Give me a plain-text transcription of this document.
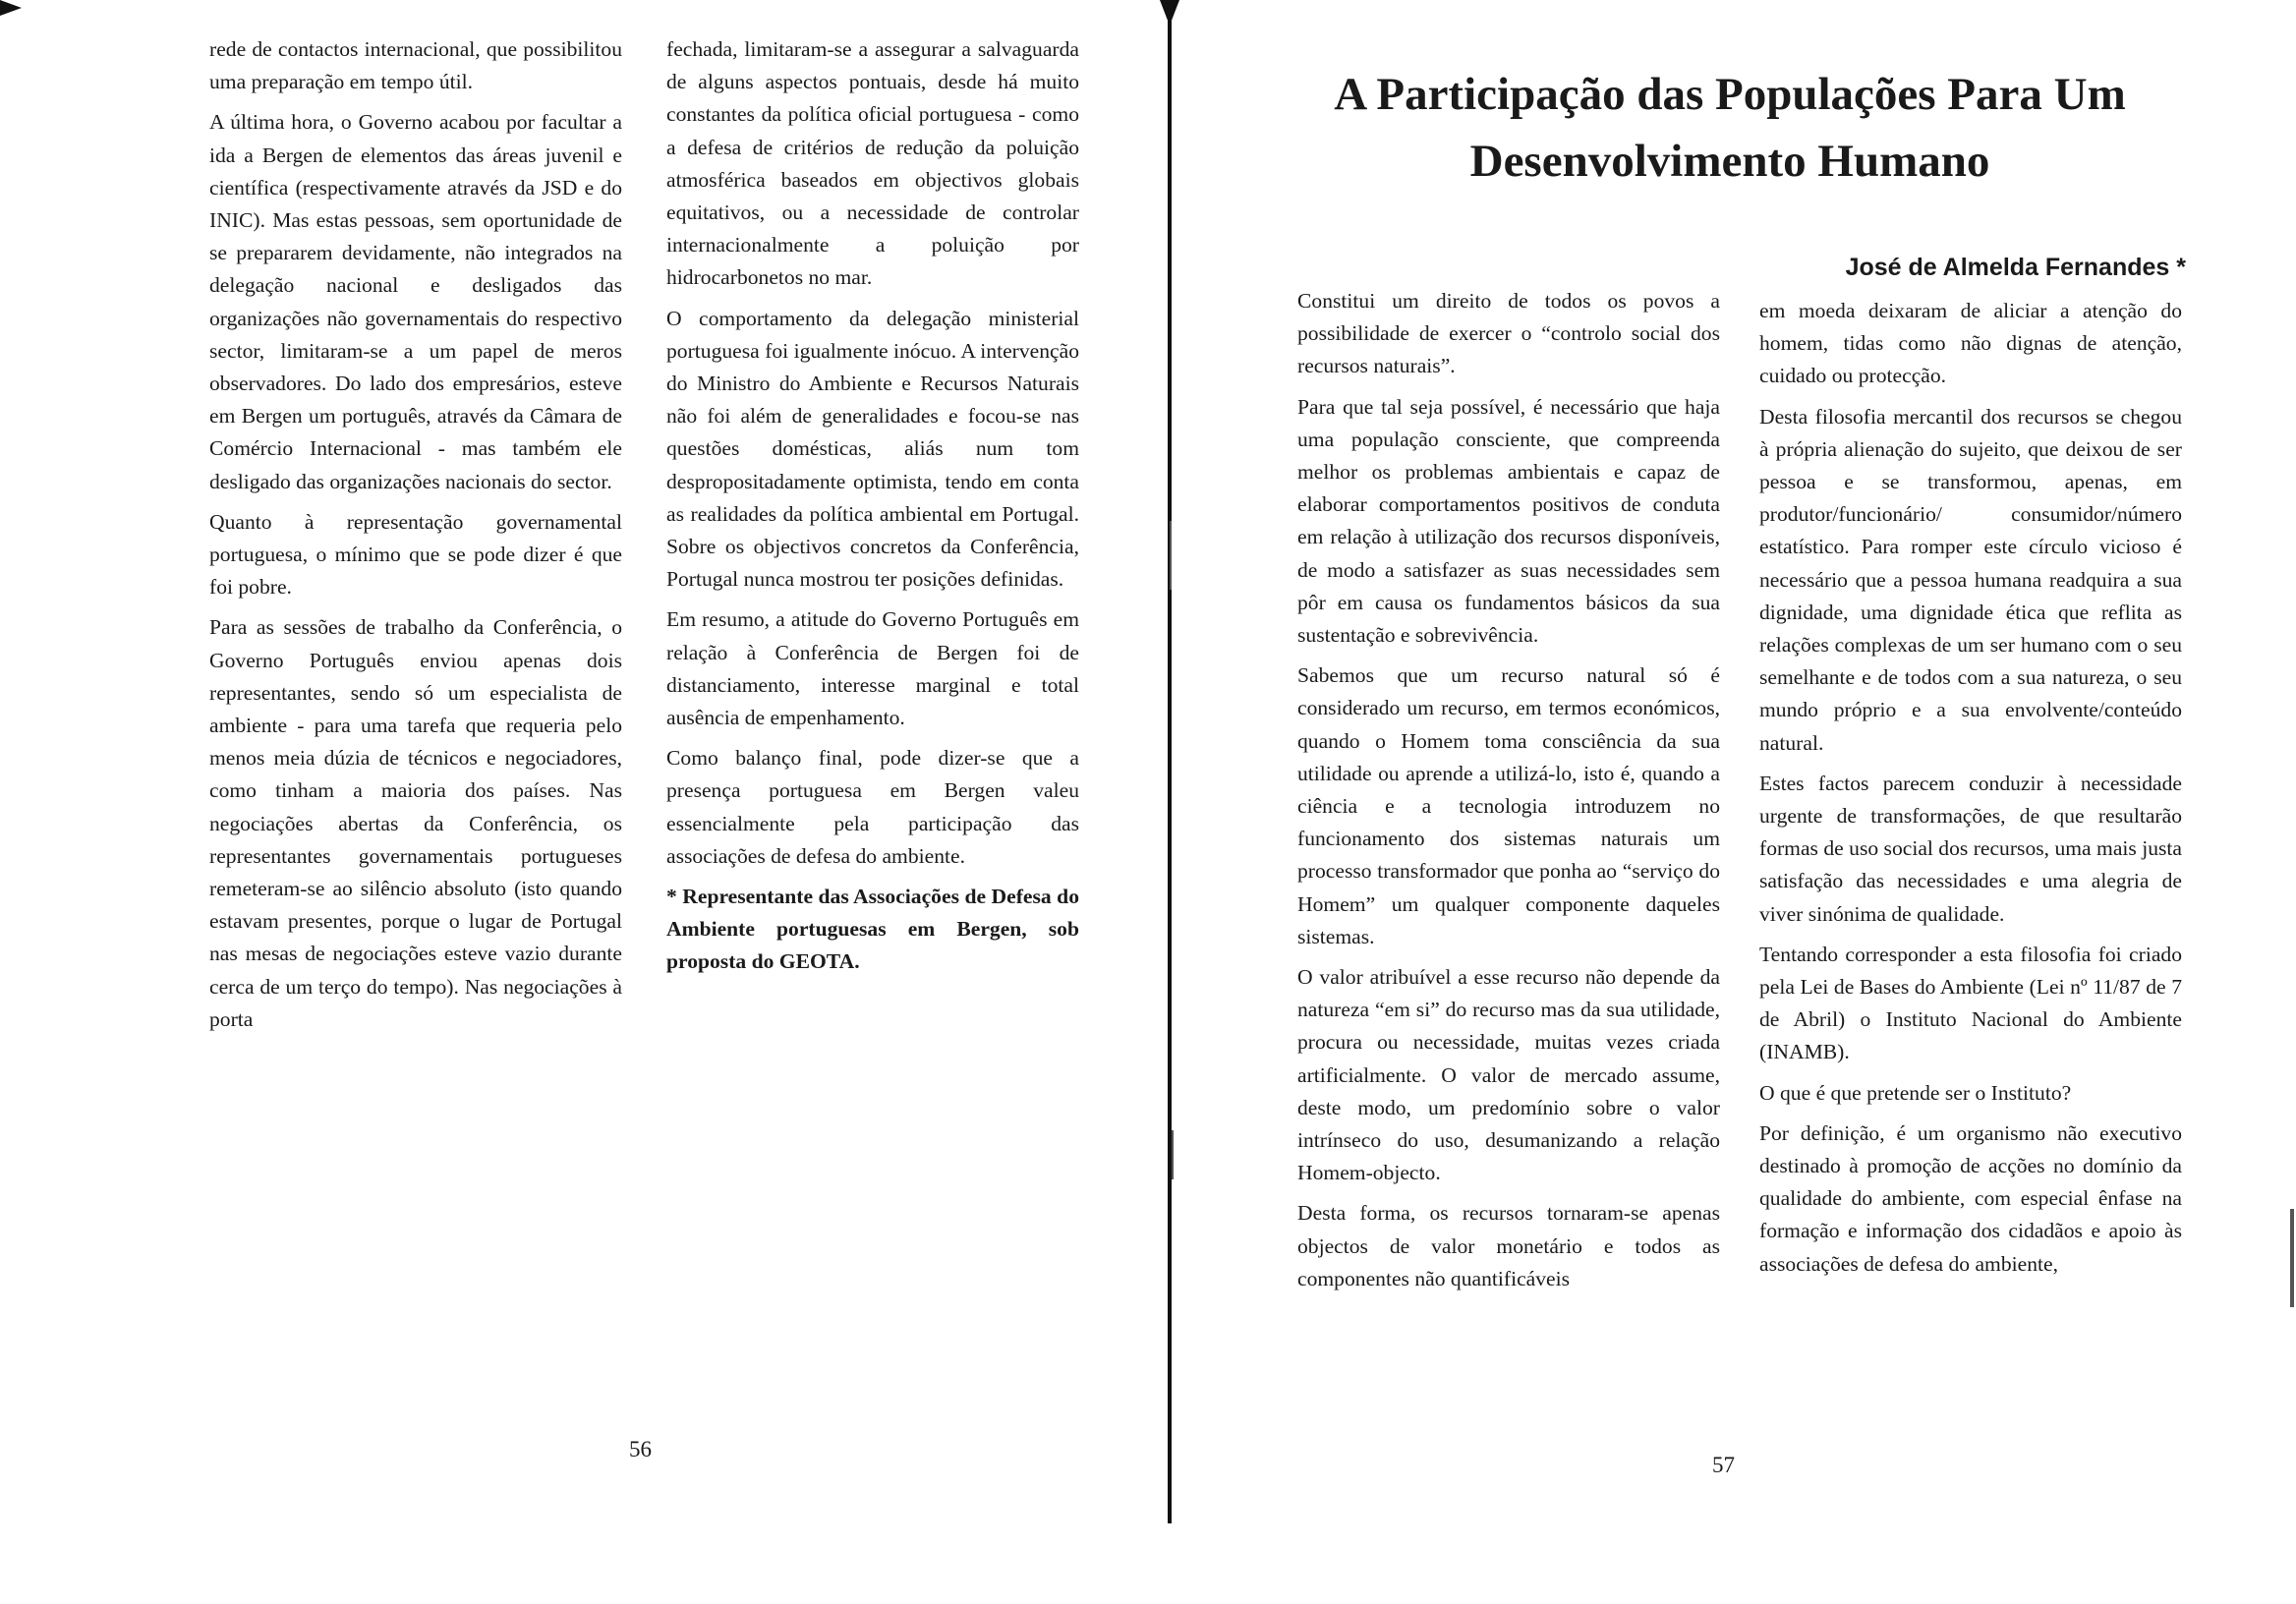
rede de contactos internacional, que possibilitou uma preparação em tempo útil.

A última hora, o Governo acabou por facultar a ida a Bergen de elementos das áreas juvenil e científica (respectivamente através da JSD e do INIC). Mas estas pessoas, sem oportunidade de se prepararem devidamente, não integrados na delegação nacional e desligados das organizações não governamentais do respectivo sector, limitaram-se a um papel de meros observadores. Do lado dos empresários, esteve em Bergen um português, através da Câmara de Comércio Internacional - mas também ele desligado das organizações nacionais do sector.

Quanto à representação governamental portuguesa, o mínimo que se pode dizer é que foi pobre.

Para as sessões de trabalho da Conferência, o Governo Português enviou apenas dois representantes, sendo só um especialista de ambiente - para uma tarefa que requeria pelo menos meia dúzia de técnicos e negociadores, como tinham a maioria dos países. Nas negociações abertas da Conferência, os representantes governamentais portugueses remeteram-se ao silêncio absoluto (isto quando estavam presentes, porque o lugar de Portugal nas mesas de negociações esteve vazio durante cerca de um terço do tempo). Nas negociações à porta

fechada, limitaram-se a assegurar a salvaguarda de alguns aspectos pontuais, desde há muito constantes da política oficial portuguesa - como a defesa de critérios de redução da poluição atmosférica baseados em objectivos globais equitativos, ou a necessidade de controlar internacionalmente a poluição por hidrocarbonetos no mar.

O comportamento da delegação ministerial portuguesa foi igualmente inócuo. A intervenção do Ministro do Ambiente e Recursos Naturais não foi além de generalidades e focou-se nas questões domésticas, aliás num tom despropositadamente optimista, tendo em conta as realidades da política ambiental em Portugal. Sobre os objectivos concretos da Conferência, Portugal nunca mostrou ter posições definidas.

Em resumo, a atitude do Governo Português em relação à Conferência de Bergen foi de distanciamento, interesse marginal e total ausência de empenhamento.

Como balanço final, pode dizer-se que a presença portuguesa em Bergen valeu essencialmente pela participação das associações de defesa do ambiente.

* Representante das Associações de Defesa do Ambiente portuguesas em Bergen, sob proposta do GEOTA.

56
A Participação das Populações Para Um Desenvolvimento Humano
José de Almelda Fernandes *

Constitui um direito de todos os povos a possibilidade de exercer o “controlo social dos recursos naturais”.

Para que tal seja possível, é necessário que haja uma população consciente, que compreenda melhor os problemas ambientais e capaz de elaborar comportamentos positivos de conduta em relação à utilização dos recursos disponíveis, de modo a satisfazer as suas necessidades sem pôr em causa os fundamentos básicos da sua sustentação e sobrevivência.

Sabemos que um recurso natural só é considerado um recurso, em termos económicos, quando o Homem toma consciência da sua utilidade ou aprende a utilizá-lo, isto é, quando a ciência e a tecnologia introduzem no funcionamento dos sistemas naturais um processo transformador que ponha ao “serviço do Homem” um qualquer componente daqueles sistemas.

O valor atribuível a esse recurso não depende da natureza “em si” do recurso mas da sua utilidade, procura ou necessidade, muitas vezes criada artificialmente. O valor de mercado assume, deste modo, um predomínio sobre o valor intrínseco do uso, desumanizando a relação Homem-objecto.

Desta forma, os recursos tornaram-se apenas objectos de valor monetário e todos as componentes não quantificáveis

em moeda deixaram de aliciar a atenção do homem, tidas como não dignas de atenção, cuidado ou protecção.

Desta filosofia mercantil dos recursos se chegou à própria alienação do sujeito, que deixou de ser pessoa e se transformou, apenas, em produtor/funcionário/ consumidor/número estatístico. Para romper este círculo vicioso é necessário que a pessoa humana readquira a sua dignidade, uma dignidade ética que reflita as relações complexas de um ser humano com o seu semelhante e de todos com a sua natureza, o seu mundo próprio e a sua envolvente/conteúdo natural.

Estes factos parecem conduzir à necessidade urgente de transformações, de que resultarão formas de uso social dos recursos, uma mais justa satisfação das necessidades e uma alegria de viver sinónima de qualidade.

Tentando corresponder a esta filosofia foi criado pela Lei de Bases do Ambiente (Lei nº 11/87 de 7 de Abril) o Instituto Nacional do Ambiente (INAMB).

O que é que pretende ser o Instituto?

Por definição, é um organismo não executivo destinado à promoção de acções no domínio da qualidade do ambiente, com especial ênfase na formação e informação dos cidadãos e apoio às associações de defesa do ambiente,

57
